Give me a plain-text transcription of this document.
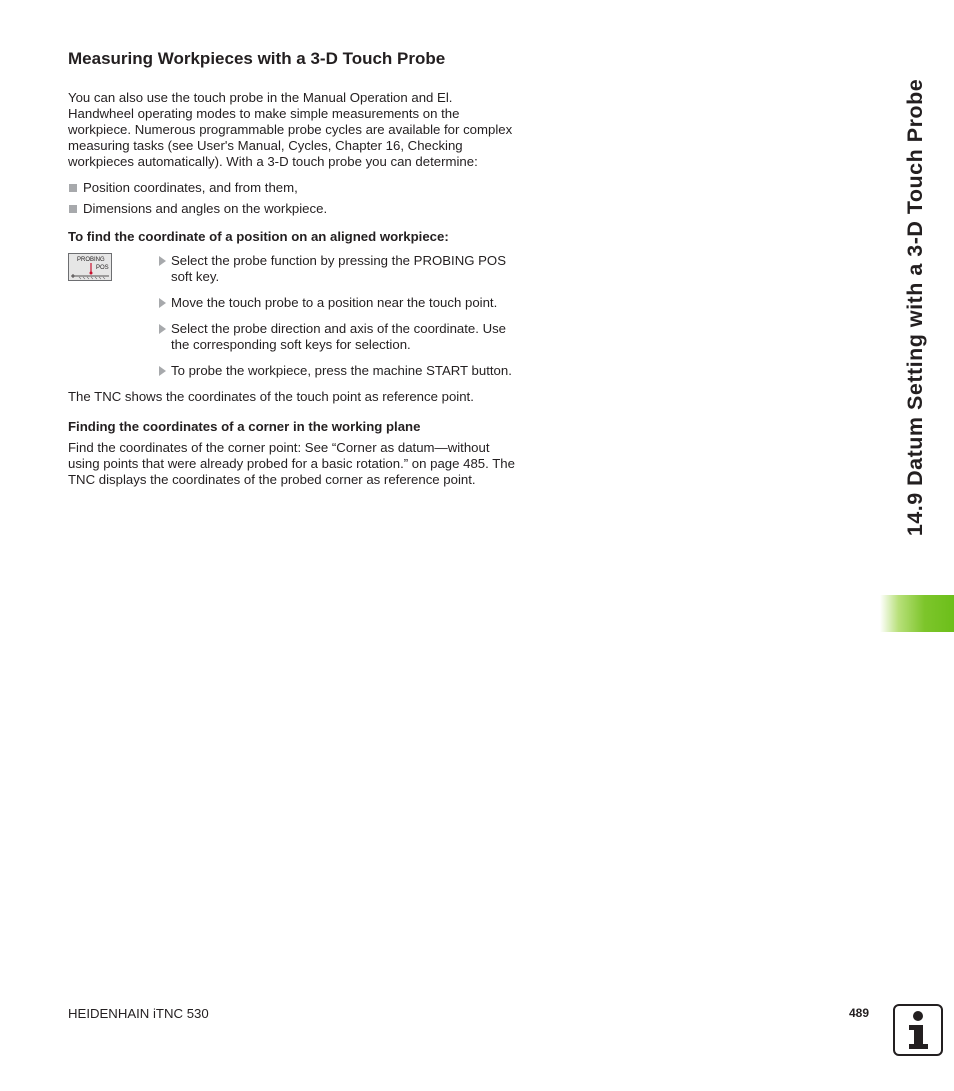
14.9 Datum Setting with a 3-D Touch Probe
Measuring Workpieces with a 3-D Touch Probe

You can also use the touch probe in the Manual Operation and El. Handwheel operating modes to make simple measurements on the workpiece. Numerous programmable probe cycles are available for complex measuring tasks (see User's Manual, Cycles, Chapter 16, Checking workpieces automatically). With a 3-D touch probe you can determine:

Position coordinates, and from them,
Dimensions and angles on the workpiece.
To find the coordinate of a position on an aligned workpiece:
PROBING
POS	Select the probe function by pressing the PROBING POS soft key.
Move the touch probe to a position near the touch point.
Select the probe direction and axis of the coordinate. Use the corresponding soft keys for selection.
To probe the workpiece, press the machine START button.

The TNC shows the coordinates of the touch point as reference point.

Finding the coordinates of a corner in the working plane

Find the coordinates of the corner point: See “Corner as datum—without using points that were already probed for a basic rotation.” on page 485. The TNC displays the coordinates of the probed corner as reference point.

HEIDENHAIN iTNC 530	489
